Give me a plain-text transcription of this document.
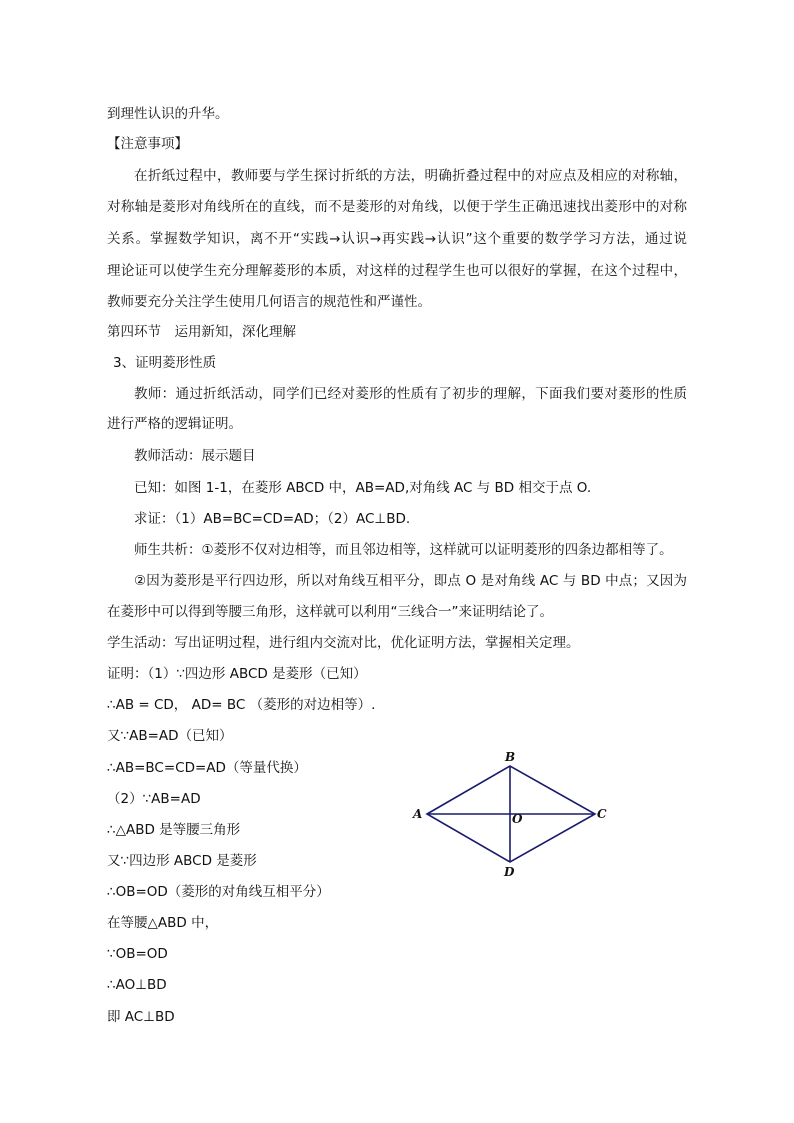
到理性认识的升华。
【注意事项】
在折纸过程中，教师要与学生探讨折纸的方法，明确折叠过程中的对应点及相应的对称轴，
对称轴是菱形对角线所在的直线，而不是菱形的对角线，以便于学生正确迅速找出菱形中的对称
关系。掌握数学知识，离不开“实践→认识→再实践→认识”这个重要的数学学习方法，通过说
理论证可以使学生充分理解菱形的本质，对这样的过程学生也可以很好的掌握，在这个过程中，
教师要充分关注学生使用几何语言的规范性和严谨性。
第四环节　运用新知，深化理解
3、证明菱形性质
教师：通过折纸活动，同学们已经对菱形的性质有了初步的理解，下面我们要对菱形的性质
进行严格的逻辑证明。
教师活动：展示题目
已知：如图 1-1，在菱形 ABCD 中，AB=AD,对角线 AC 与 BD 相交于点 O.
求证：（1）AB=BC=CD=AD；（2）AC⊥BD.
师生共析：①菱形不仅对边相等，而且邻边相等，这样就可以证明菱形的四条边都相等了。
②因为菱形是平行四边形，所以对角线互相平分，即点 O 是对角线 AC 与 BD 中点；又因为
在菱形中可以得到等腰三角形，这样就可以利用“三线合一”来证明结论了。
学生活动：写出证明过程，进行组内交流对比，优化证明方法，掌握相关定理。
证明：（1）∵四边形 ABCD 是菱形（已知）
∴AB = CD， AD= BC （菱形的对边相等）.
又∵AB=AD（已知）
∴AB=BC=CD=AD（等量代换）
（2）∵AB=AD
∴△ABD 是等腰三角形
又∵四边形 ABCD 是菱形
∴OB=OD（菱形的对角线互相平分）
在等腰△ABD 中，
∵OB=OD
∴AO⊥BD
即 AC⊥BD
A
B
C
D
O
